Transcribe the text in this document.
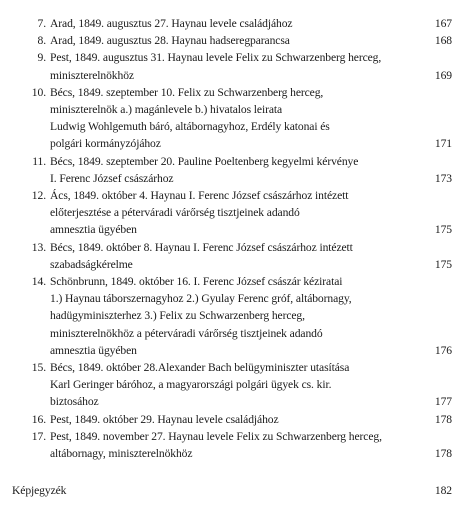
7. Arad, 1849. augusztus 27. Haynau levele családjához	167
8. Arad, 1849. augusztus 28. Haynau hadseregparancsa	168
9. Pest, 1849. augusztus 31. Haynau levele Felix zu Schwarzenberg herceg,
miniszterelnökhöz	169
10. Bécs, 1849. szeptember 10. Felix zu Schwarzenberg herceg,
miniszterelnök a.) magánlevele b.) hivatalos leirata
Ludwig Wohlgemuth báró, altábornagyhoz, Erdély katonai és
polgári kormányzójához	171
11. Bécs, 1849. szeptember 20. Pauline Poeltenberg kegyelmi kérvénye
I. Ferenc József császárhoz	173
12. Ács, 1849. október 4. Haynau I. Ferenc József császárhoz intézett
előterjesztése a péterváradi várőrség tisztjeinek adandó
amnesztia ügyében	175
13. Bécs, 1849. október 8. Haynau I. Ferenc József császárhoz intézett
szabadságkérelme	175
14. Schönbrunn, 1849. október 16. I. Ferenc József császár kéziratai
1.) Haynau táborszernagyhoz 2.) Gyulay Ferenc gróf, altábornagy,
hadügyminiszterhez 3.) Felix zu Schwarzenberg herceg,
miniszterelnökhöz a péterváradi várőrség tisztjeinek adandó
amnesztia ügyében	176
15. Bécs, 1849. október 28.Alexander Bach belügyminiszter utasítása
Karl Geringer báróhoz, a magyarországi polgári ügyek cs. kir.
biztosához	177
16. Pest, 1849. október 29. Haynau levele családjához	178
17. Pest, 1849. november 27. Haynau levele Felix zu Schwarzenberg herceg,
altábornagy, miniszterelnökhöz	178
Képjegyzék	182
